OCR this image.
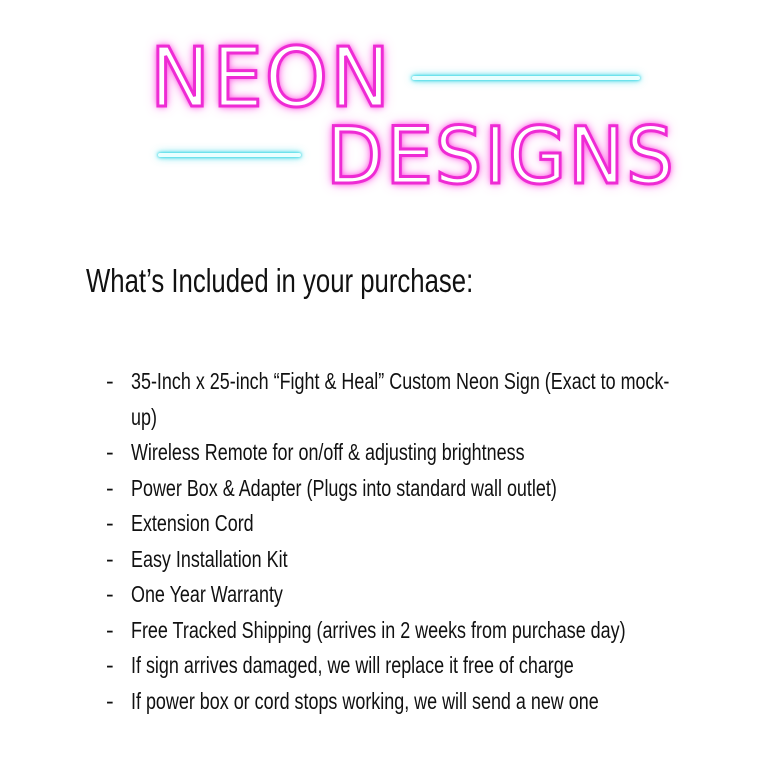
NEON
DESIGNS
What’s Included in your purchase:
- 35-Inch x 25-inch “Fight & Heal” Custom Neon Sign (Exact to mock-up)
- Wireless Remote for on/off & adjusting brightness
- Power Box & Adapter (Plugs into standard wall outlet)
- Extension Cord
- Easy Installation Kit
- One Year Warranty
- Free Tracked Shipping (arrives in 2 weeks from purchase day)
- If sign arrives damaged, we will replace it free of charge
- If power box or cord stops working, we will send a new one
